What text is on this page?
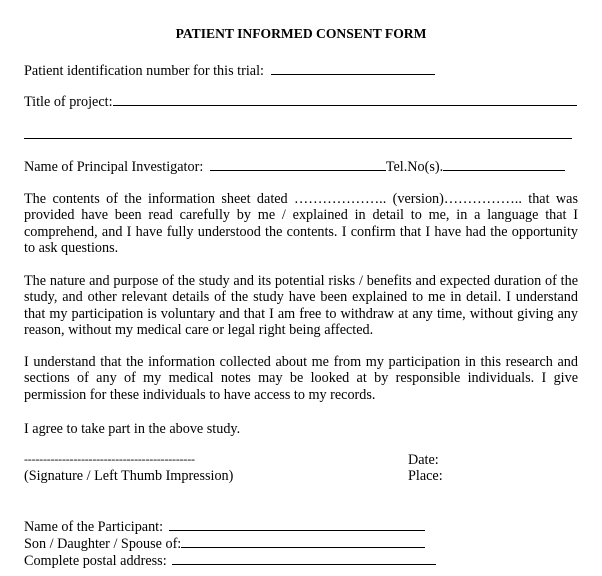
PATIENT INFORMED CONSENT FORM
Patient identification number for this trial:
Title of project:
Name of Principal Investigator:	Tel.No(s).
The contents of the information sheet dated ……………….. (version)…………….. that was
provided have been read carefully by me / explained in detail to me, in a language that I
comprehend, and I have fully understood the contents. I confirm that I have had the opportunity
to ask questions.
The nature and purpose of the study and its potential risks / benefits and expected duration of the
study, and other relevant details of the study have been explained to me in detail. I understand
that my participation is voluntary and that I am free to withdraw at any time, without giving any
reason, without my medical care or legal right being affected.
I understand that the information collected about me from my participation in this research and
sections of any of my medical notes may be looked at by responsible individuals. I give
permission for these individuals to have access to my records.
I agree to take part in the above study.
---------------------------------------------
(Signature / Left Thumb Impression)
Date:
Place:
Name of the Participant:
Son / Daughter / Spouse of:
Complete postal address:
